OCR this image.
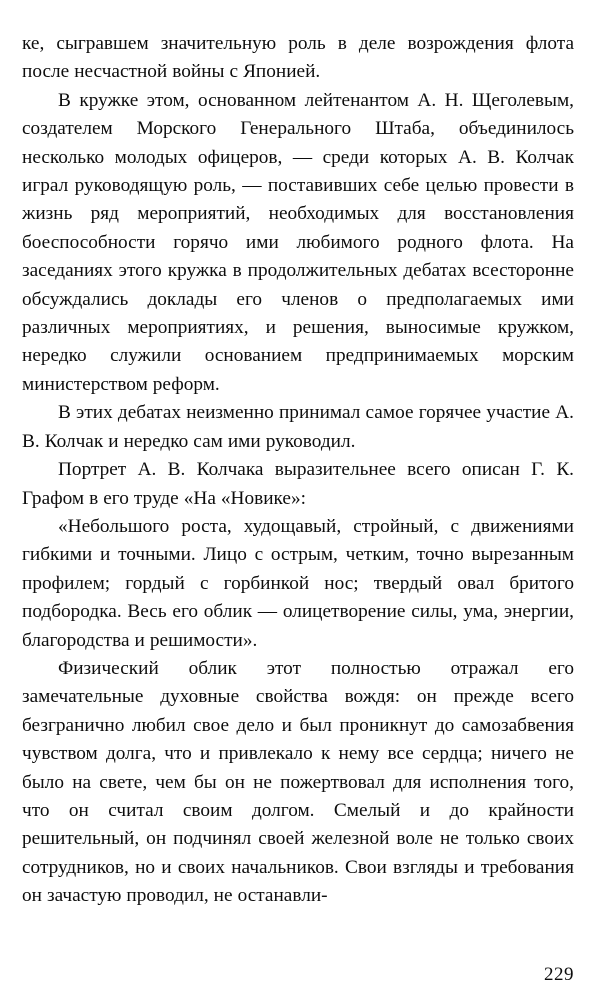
ке, сыгравшем значительную роль в деле возрождения флота после несчастной войны с Японией.

В кружке этом, основанном лейтенантом А. Н. Щеголевым, создателем Морского Генерального Штаба, объединилось несколько молодых офицеров, — среди которых А. В. Колчак играл руководящую роль, — поставивших себе целью провести в жизнь ряд мероприятий, необходимых для восстановления боеспособности горячо ими любимого родного флота. На заседаниях этого кружка в продолжительных дебатах всесторонне обсуждались доклады его членов о предполагаемых ими различных мероприятиях, и решения, выносимые кружком, нередко служили основанием предпринимаемых морским министерством реформ.

В этих дебатах неизменно принимал самое горячее участие А. В. Колчак и нередко сам ими руководил.

Портрет А. В. Колчака выразительнее всего описан Г. К. Графом в его труде «На «Новике»:

«Небольшого роста, худощавый, стройный, с движениями гибкими и точными. Лицо с острым, четким, точно вырезанным профилем; гордый с горбинкой нос; твердый овал бритого подбородка. Весь его облик — олицетворение силы, ума, энергии, благородства и решимости».

Физический облик этот полностью отражал его замечательные духовные свойства вождя: он прежде всего безгранично любил свое дело и был проникнут до самозабвения чувством долга, что и привлекало к нему все сердца; ничего не было на свете, чем бы он не пожертвовал для исполнения того, что он считал своим долгом. Смелый и до крайности решительный, он подчинял своей железной воле не только своих сотрудников, но и своих начальников. Свои взгляды и требования он зачастую проводил, не останавли-

229
